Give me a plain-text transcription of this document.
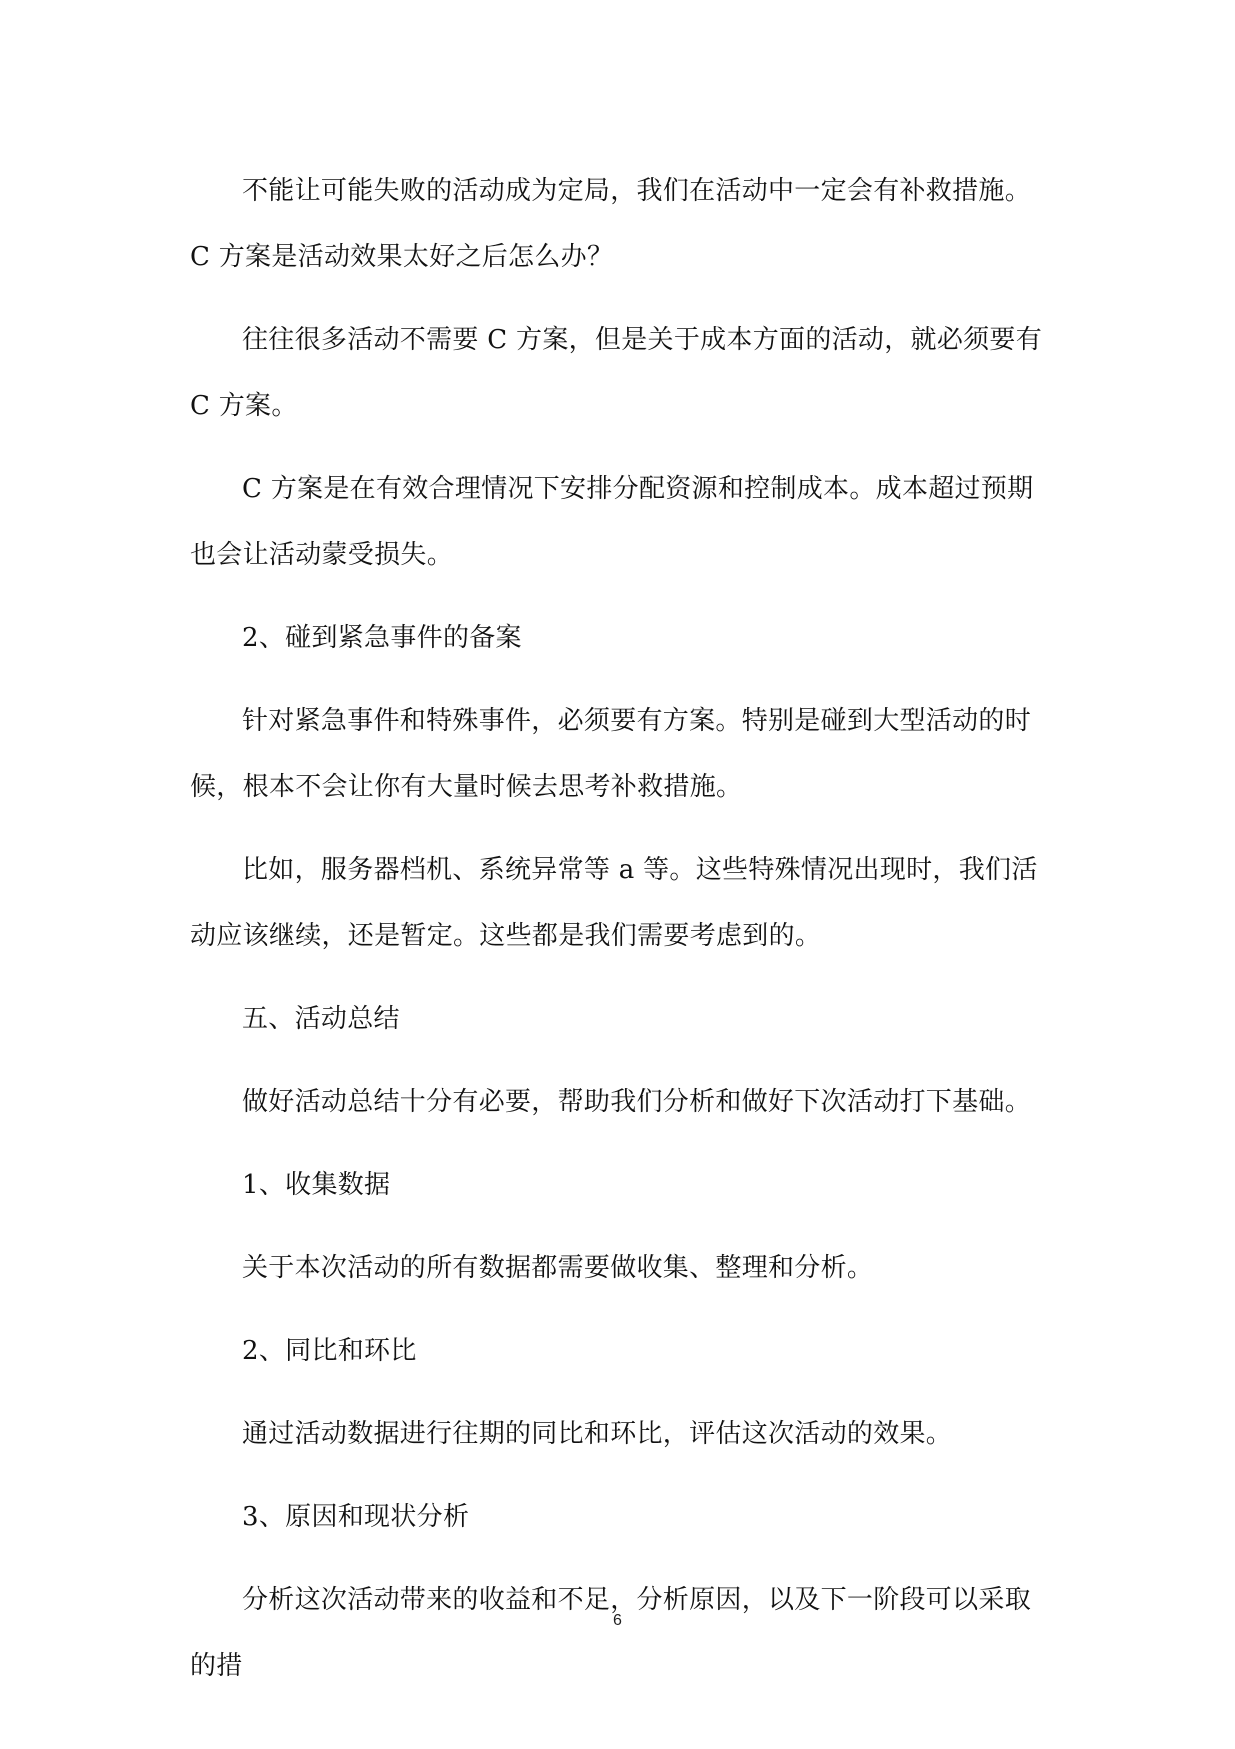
不能让可能失败的活动成为定局，我们在活动中一定会有补救措施。C 方案是活动效果太好之后怎么办？

往往很多活动不需要 C 方案，但是关于成本方面的活动，就必须要有 C 方案。

C 方案是在有效合理情况下安排分配资源和控制成本。成本超过预期也会让活动蒙受损失。

2、碰到紧急事件的备案

针对紧急事件和特殊事件，必须要有方案。特别是碰到大型活动的时候，根本不会让你有大量时候去思考补救措施。

比如，服务器档机、系统异常等 a 等。这些特殊情况出现时，我们活动应该继续，还是暂定。这些都是我们需要考虑到的。

五、活动总结

做好活动总结十分有必要，帮助我们分析和做好下次活动打下基础。

1、收集数据

关于本次活动的所有数据都需要做收集、整理和分析。

2、同比和环比

通过活动数据进行往期的同比和环比，评估这次活动的效果。

3、原因和现状分析

分析这次活动带来的收益和不足，分析原因，以及下一阶段可以采取的措

6
